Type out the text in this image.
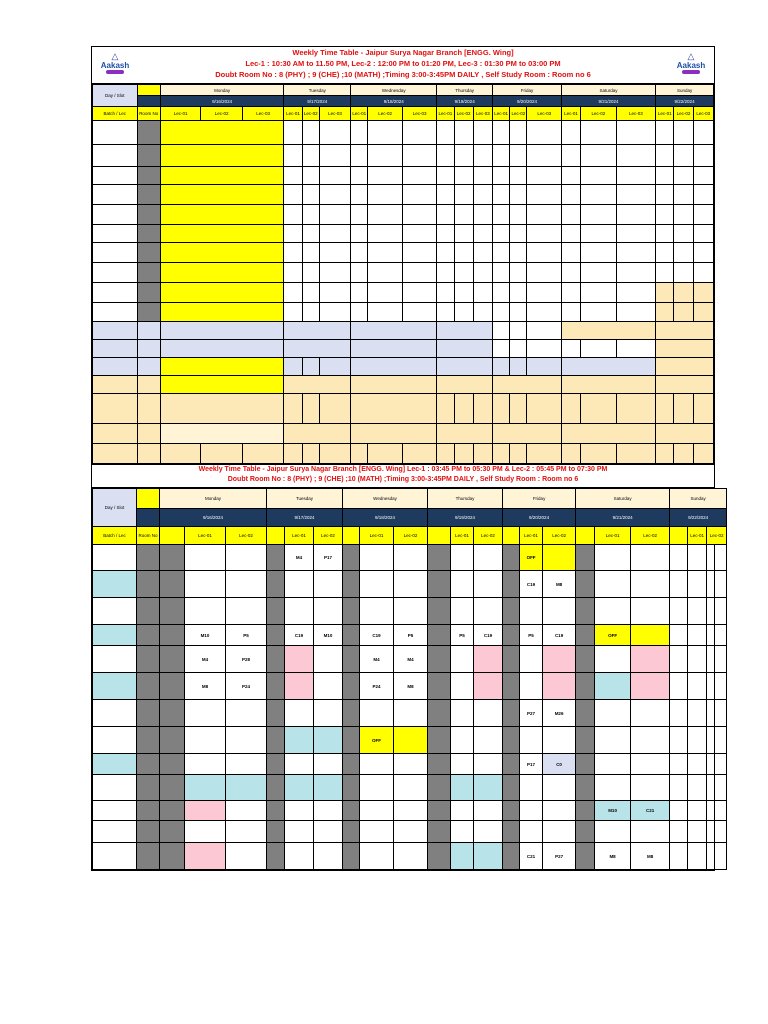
△
Aakash
Weekly Time Table - Jaipur Surya Nagar Branch [ENGG. Wing]
Lec-1 : 10:30 AM to 11.50 PM, Lec-2 : 12:00 PM to 01:20 PM, Lec-3 : 01:30 PM to 03:00 PM
Doubt Room No : 8 (PHY) ; 9 (CHE) ;10 (MATH) ;Timing 3:00-3:45PM DAILY , Self Study Room : Room no 6
△
Aakash
Day / Slot		Monday			Tuesday			Wednesday			Thursday			Friday			Saturday			Sunday		
		9/16/2024			9/17/2024			9/18/2024			9/19/2024			9/20/2024			9/21/2024			9/22/2024		
Batch / Lec	Room No	Lec-01	Lec-02	Lec-03	Lec-01	Lec-02	Lec-03	Lec-01	Lec-02	Lec-03	Lec-01	Lec-02	Lec-03	Lec-01	Lec-02	Lec-03	Lec-01	Lec-02	Lec-03	Lec-01	Lec-02	Lec-03

Weekly Time Table - Jaipur Surya Nagar Branch [ENGG. Wing] Lec-1 : 03:45 PM to 05:30 PM & Lec-2 : 05:45 PM to 07:30 PM
Doubt Room No : 8 (PHY) ; 9 (CHE) ;10 (MATH) ;Timing 3:00-3:45PM DAILY , Self Study Room : Room no 6
Day / Slot		Monday			Tuesday			Wednesday			Thursday			Friday			Saturday			Sunday		
		9/16/2024			9/17/2024			9/18/2024			9/19/2024			9/20/2024			9/21/2024			9/22/2024		
Batch / Lec	Room No		Lec-01	Lec-02		Lec-01	Lec-02		Lec-01	Lec-02		Lec-01	Lec-02		Lec-01	Lec-02		Lec-01	Lec-02		Lec-01	Lec-02
						M4	P17								OFF							
															C19	M8						

			M10	P5		C19	M10		C19	P5		P5	C19		P5	C19		OFF				
			M4	P28					M4	M4												
			M8	P24					P24	M8												
															P27	M26						
									OFF													
															P17	C0						

																		M10	C21			

															C21	P27		M8	M8			
